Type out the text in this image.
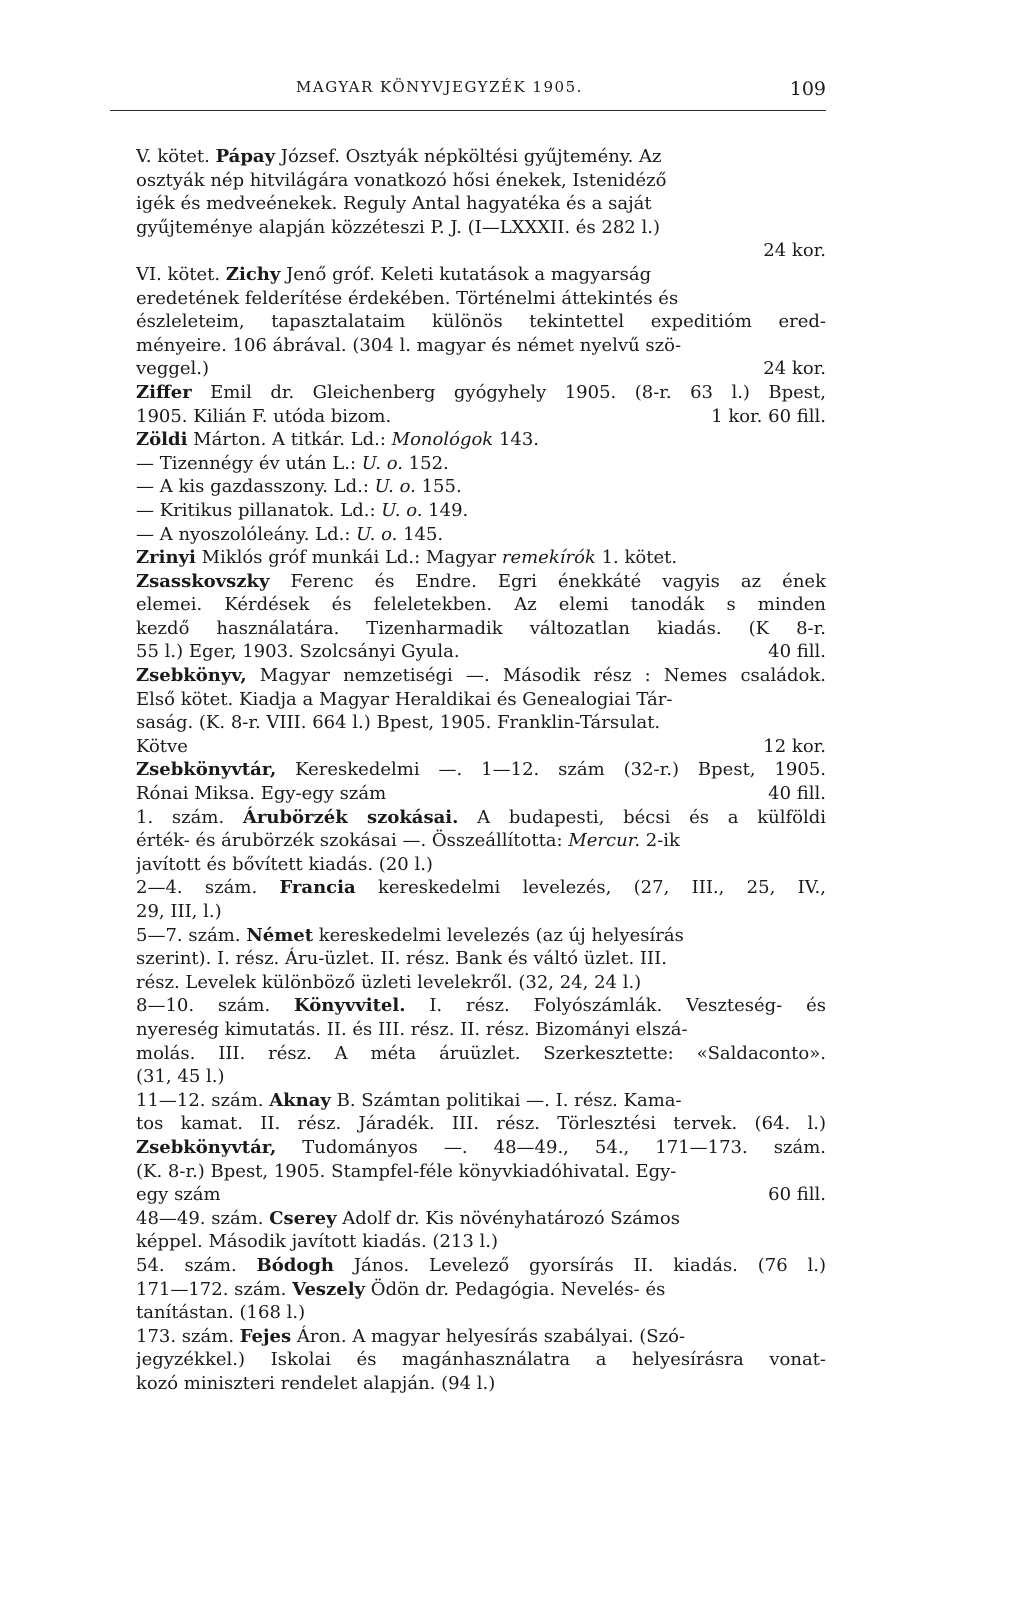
MAGYAR KÖNYVJEGYZÉK 1905.	109
V. kötet. Pápay József. Osztyák népköltési gyűjtemény. Az
osztyák nép hitvilágára vonatkozó hősi énekek, Istenidéző
igék és medveénekek. Reguly Antal hagyatéka és a saját
gyűjteménye alapján közzéteszi P. J. (I—LXXXII. és 282 l.)
24 kor.
VI. kötet. Zichy Jenő gróf. Keleti kutatások a magyarság
eredetének felderítése érdekében. Történelmi áttekintés és
észleleteim, tapasztalataim különös tekintettel expeditióm ered-
ményeire. 106 ábrával. (304 l. magyar és német nyelvű szö-
veggel.)	24 kor.
Ziffer Emil dr. Gleichenberg gyógyhely 1905. (8-r. 63 l.) Bpest,
1905. Kilián F. utóda bizom.	1 kor. 60 fill.
Zöldi Márton. A titkár. Ld.: Monológok 143.
— Tizennégy év után L.: U. o. 152.
— A kis gazdasszony. Ld.: U. o. 155.
— Kritikus pillanatok. Ld.: U. o. 149.
— A nyoszolóleány. Ld.: U. o. 145.
Zrinyi Miklós gróf munkái Ld.: Magyar remekírók 1. kötet.
Zsasskovszky Ferenc és Endre. Egri énekkáté vagyis az ének
elemei. Kérdések és feleletekben. Az elemi tanodák s minden
kezdő használatára. Tizenharmadik változatlan kiadás. (K 8-r.
55 l.) Eger, 1903. Szolcsányi Gyula.	40 fill.
Zsebkönyv, Magyar nemzetiségi —. Második rész : Nemes családok.
Első kötet. Kiadja a Magyar Heraldikai és Genealogiai Tár-
saság. (K. 8-r. VIII. 664 l.) Bpest, 1905. Franklin-Társulat.
Kötve	12 kor.
Zsebkönyvtár, Kereskedelmi —. 1—12. szám (32-r.) Bpest, 1905.
Rónai Miksa. Egy-egy szám	40 fill.
1. szám. Árubörzék szokásai. A budapesti, bécsi és a külföldi
érték- és árubörzék szokásai —. Összeállította: Mercur. 2-ik
javított és bővített kiadás. (20 l.)
2—4. szám. Francia kereskedelmi levelezés, (27, III., 25, IV.,
29, III, l.)
5—7. szám. Német kereskedelmi levelezés (az új helyesírás
szerint). I. rész. Áru-üzlet. II. rész. Bank és váltó üzlet. III.
rész. Levelek különböző üzleti levelekről. (32, 24, 24 l.)
8—10. szám. Könyvvitel. I. rész. Folyószámlák. Veszteség- és
nyereség kimutatás. II. és III. rész. II. rész. Bizományi elszá-
molás. III. rész. A méta áruüzlet. Szerkesztette: «Saldaconto».
(31, 45 l.)
11—12. szám. Aknay B. Számtan politikai —. I. rész. Kama-
tos kamat. II. rész. Járadék. III. rész. Törlesztési tervek. (64. l.)
Zsebkönyvtár, Tudományos —. 48—49., 54., 171—173. szám.
(K. 8-r.) Bpest, 1905. Stampfel-féle könyvkiadóhivatal. Egy-
egy szám	60 fill.
48—49. szám. Cserey Adolf dr. Kis növényhatározó Számos
képpel. Második javított kiadás. (213 l.)
54. szám. Bódogh János. Levelező gyorsírás II. kiadás. (76 l.)
171—172. szám. Veszely Ödön dr. Pedagógia. Nevelés- és
tanítástan. (168 l.)
173. szám. Fejes Áron. A magyar helyesírás szabályai. (Szó-
jegyzékkel.) Iskolai és magánhasználatra a helyesírásra vonat-
kozó miniszteri rendelet alapján. (94 l.)
